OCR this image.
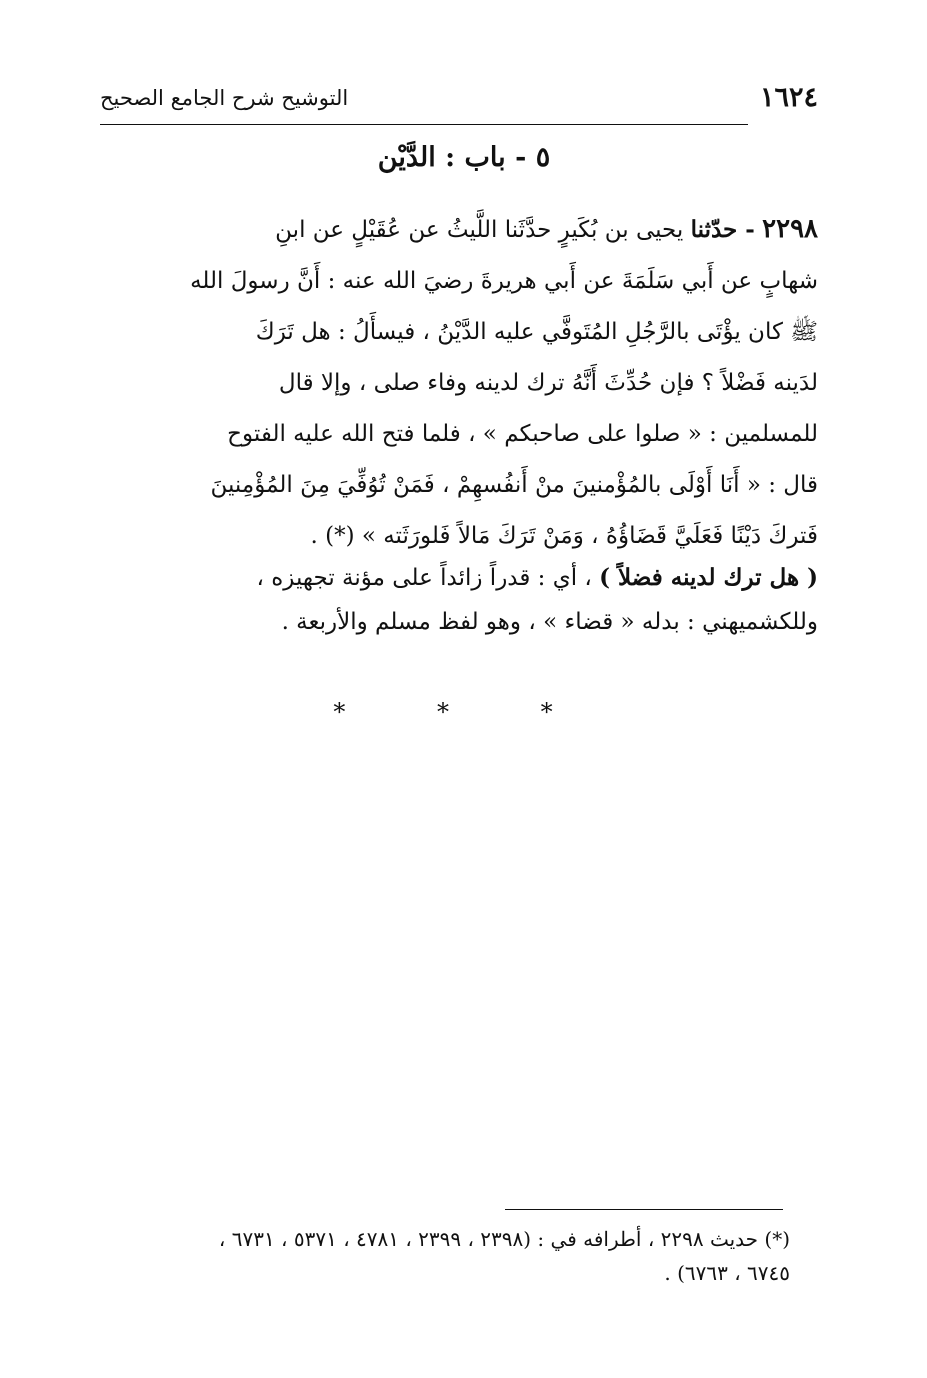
١٦٢٤
التوشيح شرح الجامع الصحيح
٥ - باب : الدَّيْن
٢٢٩٨ - حدّثنا يحيى بن بُكَيرٍ حدَّثَنا اللَّيثُ عن عُقَيْلٍ عن ابنِ
شهابٍ عن أَبي سَلَمَةَ عن أَبي هريرةَ رضيَ الله عنه : أَنَّ رسولَ الله
ﷺ كان يؤْتَى بالرَّجُلِ المُتَوفَّي عليه الدَّيْنُ ، فيسأَلُ : هل تَرَكَ
لدَينه فَضْلاً ؟ فإن حُدِّثَ أَنَّهُ ترك لدينه وفاء صلى ، وإلا قال
للمسلمين : « صلوا على صاحبكم » ، فلما فتح الله عليه الفتوح
قال : « أَنَا أَوْلَى بالمُؤْمنينَ منْ أَنفُسهِمْ ، فَمَنْ تُوُفِّيَ مِنَ المُؤْمِنينَ
فَتركَ دَيْنًا فَعَلَيَّ قَضَاؤُهُ ، وَمَنْ تَرَكَ مَالاً فَلورَثَته » (*) .
( هل ترك لدينه فضلاً ) ، أي : قدراً زائداً على مؤنة تجهيزه ،
وللكشميهني : بدله « قضاء » ، وهو لفظ مسلم والأربعة .
* * *
(*) حديث ٢٢٩٨ ، أطرافه في : (٢٣٩٨ ، ٢٣٩٩ ، ٤٧٨١ ، ٥٣٧١ ، ٦٧٣١ ،
٦٧٤٥ ، ٦٧٦٣) .
